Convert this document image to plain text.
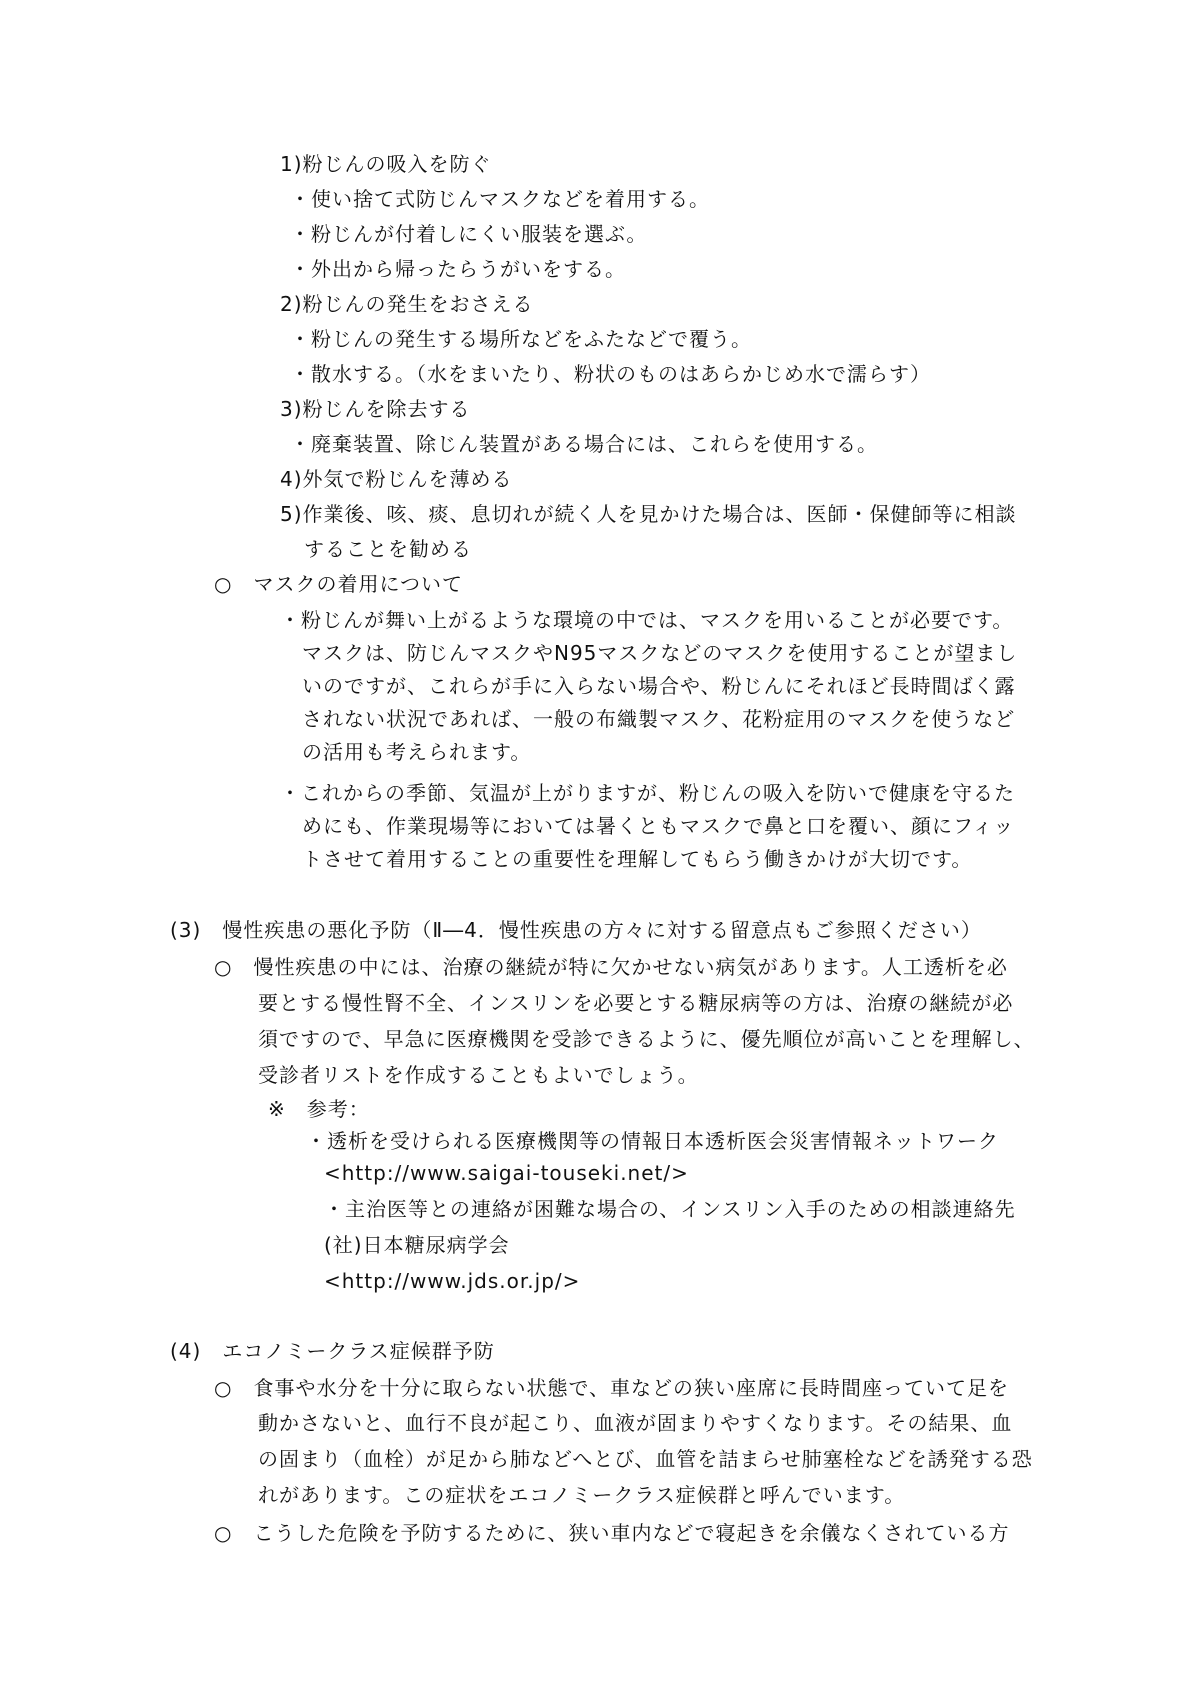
1)粉じんの吸入を防ぐ
・使い捨て式防じんマスクなどを着用する。
・粉じんが付着しにくい服装を選ぶ。
・外出から帰ったらうがいをする。
2)粉じんの発生をおさえる
・粉じんの発生する場所などをふたなどで覆う。
・散水する。（水をまいたり、粉状のものはあらかじめ水で濡らす）
3)粉じんを除去する
・廃棄装置、除じん装置がある場合には、これらを使用する。
4)外気で粉じんを薄める
5)作業後、咳、痰、息切れが続く人を見かけた場合は、医師・保健師等に相談
することを勧める
○　マスクの着用について
・粉じんが舞い上がるような環境の中では、マスクを用いることが必要です。
マスクは、防じんマスクやN95マスクなどのマスクを使用することが望まし
いのですが、これらが手に入らない場合や、粉じんにそれほど長時間ばく露
されない状況であれば、一般の布織製マスク、花粉症用のマスクを使うなど
の活用も考えられます。
・これからの季節、気温が上がりますが、粉じんの吸入を防いで健康を守るた
めにも、作業現場等においては暑くともマスクで鼻と口を覆い、顔にフィッ
トさせて着用することの重要性を理解してもらう働きかけが大切です。
(3)　慢性疾患の悪化予防（Ⅱ―4．慢性疾患の方々に対する留意点もご参照ください）
○　慢性疾患の中には、治療の継続が特に欠かせない病気があります。人工透析を必
要とする慢性腎不全、インスリンを必要とする糖尿病等の方は、治療の継続が必
須ですので、早急に医療機関を受診できるように、優先順位が高いことを理解し、
受診者リストを作成することもよいでしょう。
※　参考：
・透析を受けられる医療機関等の情報日本透析医会災害情報ネットワーク
<http://www.saigai-touseki.net/>
・主治医等との連絡が困難な場合の、インスリン入手のための相談連絡先
(社)日本糖尿病学会
<http://www.jds.or.jp/>
(4)　エコノミークラス症候群予防
○　食事や水分を十分に取らない状態で、車などの狭い座席に長時間座っていて足を
動かさないと、血行不良が起こり、血液が固まりやすくなります。その結果、血
の固まり（血栓）が足から肺などへとび、血管を詰まらせ肺塞栓などを誘発する恐
れがあります。この症状をエコノミークラス症候群と呼んでいます。
○　こうした危険を予防するために、狭い車内などで寝起きを余儀なくされている方
